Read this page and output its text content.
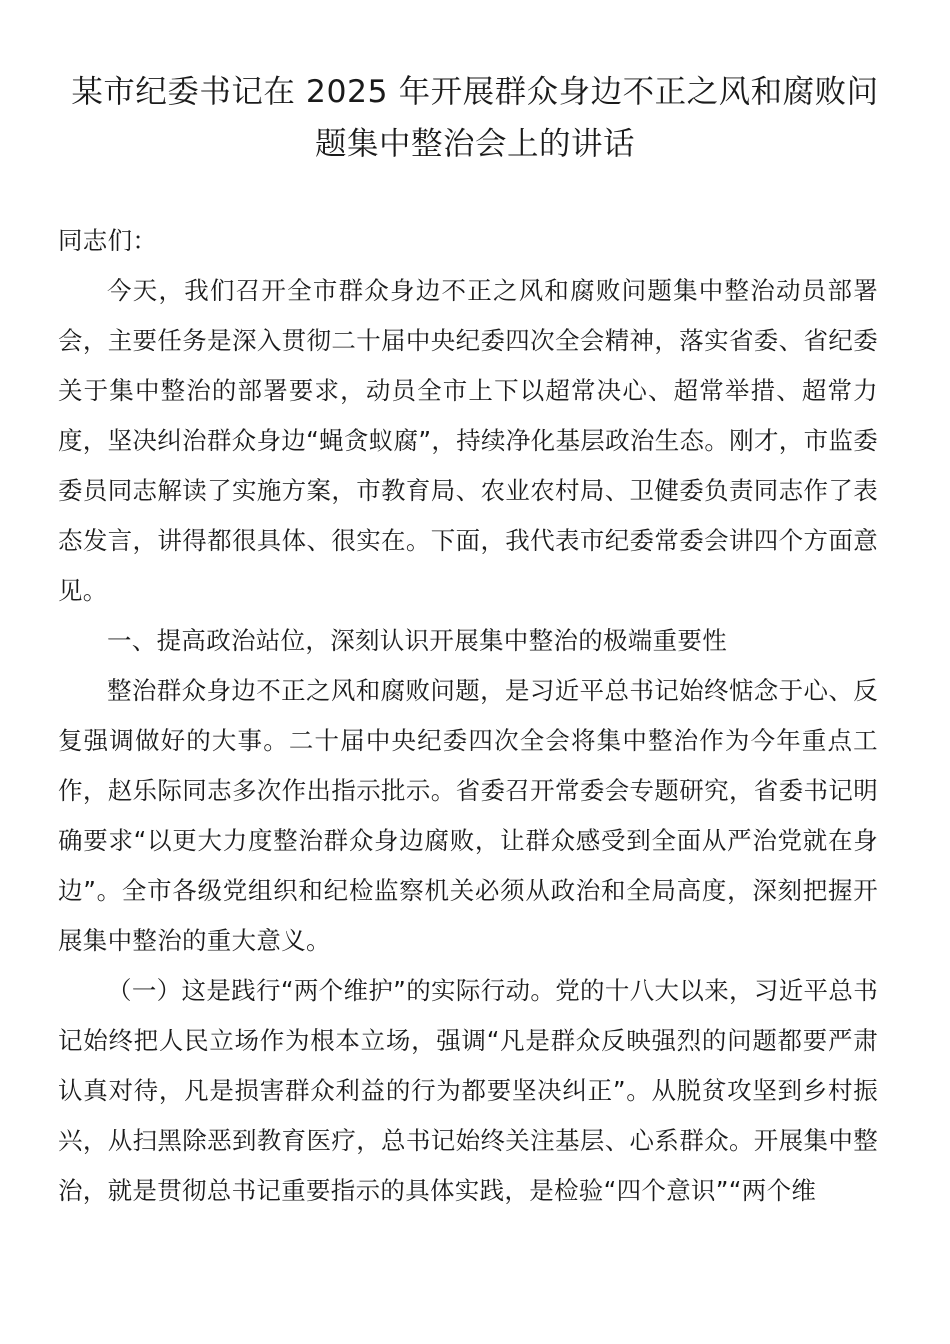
某市纪委书记在 2025 年开展群众身边不正之风和腐败问题集中整治会上的讲话

同志们：

今天，我们召开全市群众身边不正之风和腐败问题集中整治动员部署会，主要任务是深入贯彻二十届中央纪委四次全会精神，落实省委、省纪委关于集中整治的部署要求，动员全市上下以超常决心、超常举措、超常力度，坚决纠治群众身边“蝇贪蚁腐”，持续净化基层政治生态。刚才，市监委委员同志解读了实施方案，市教育局、农业农村局、卫健委负责同志作了表态发言，讲得都很具体、很实在。下面，我代表市纪委常委会讲四个方面意见。

一、提高政治站位，深刻认识开展集中整治的极端重要性

整治群众身边不正之风和腐败问题，是习近平总书记始终惦念于心、反复强调做好的大事。二十届中央纪委四次全会将集中整治作为今年重点工作，赵乐际同志多次作出指示批示。省委召开常委会专题研究，省委书记明确要求“以更大力度整治群众身边腐败，让群众感受到全面从严治党就在身边”。全市各级党组织和纪检监察机关必须从政治和全局高度，深刻把握开展集中整治的重大意义。

（一）这是践行“两个维护”的实际行动。党的十八大以来，习近平总书记始终把人民立场作为根本立场，强调“凡是群众反映强烈的问题都要严肃认真对待，凡是损害群众利益的行为都要坚决纠正”。从脱贫攻坚到乡村振兴，从扫黑除恶到教育医疗，总书记始终关注基层、心系群众。开展集中整治，就是贯彻总书记重要指示的具体实践，是检验“四个意识”“两个维
